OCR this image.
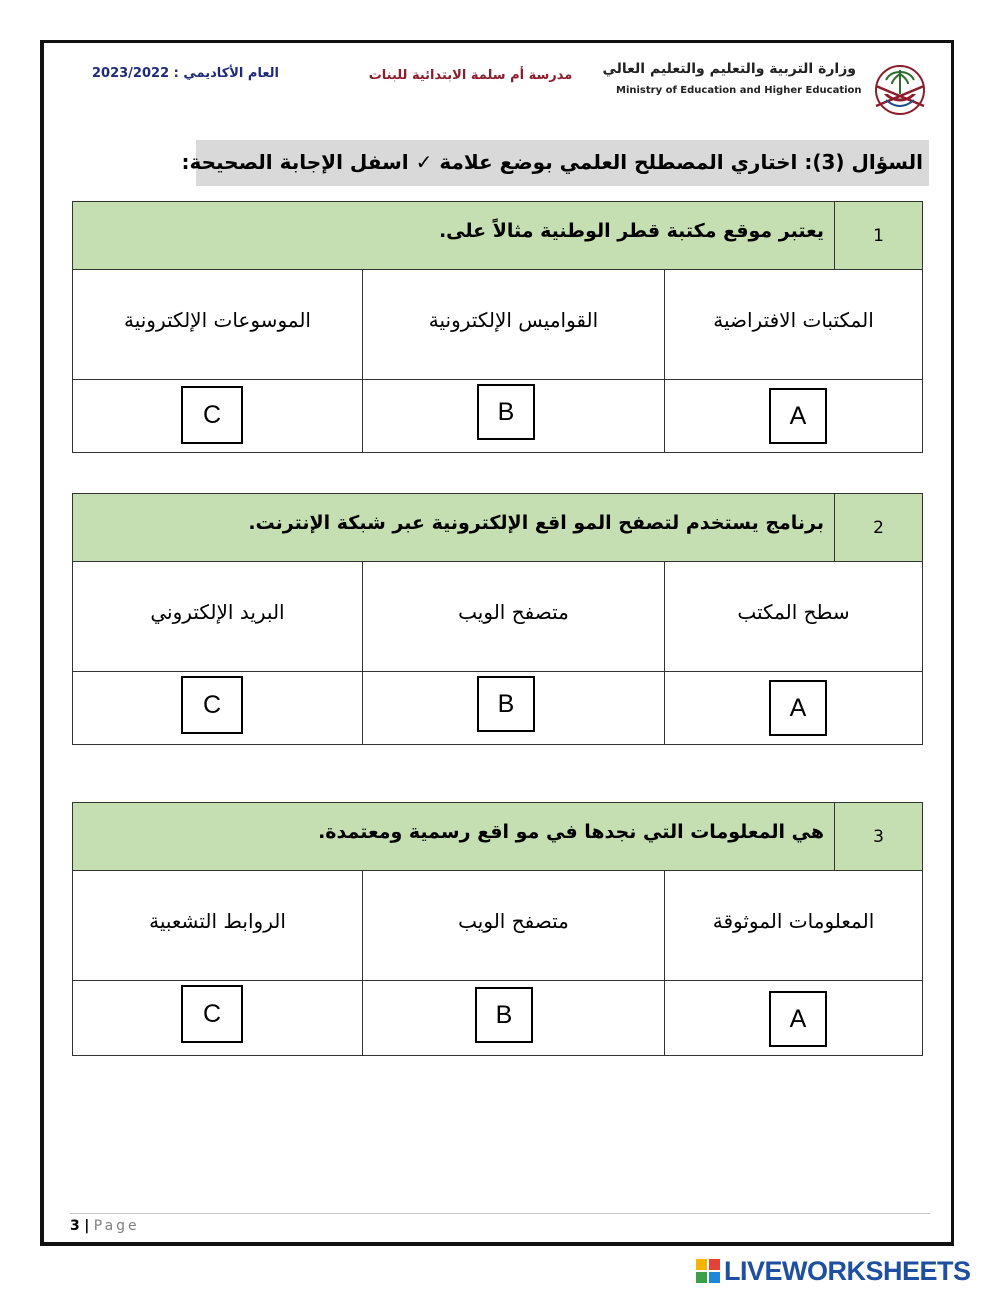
2023/2022 : العام الأكاديمي	مدرسة أم سلمة الابتدائية للبنات وزارة التربية والتعليم والتعليم العالي
Ministry of Education and Higher Education
السؤال (3): اختاري المصطلح العلمي بوضع علامة ✓ اسفل الإجابة الصحيحة:
1
يعتبر موقع مكتبة قطر الوطنية مثالاً على.
المكتبات الافتراضية
القواميس الإلكترونية
الموسوعات الإلكترونية
A
B
C
2
برنامج يستخدم لتصفح المو اقع الإلكترونية عبر شبكة الإنترنت.
سطح المكتب
متصفح الويب
البريد الإلكتروني
A
B
C
3
هي المعلومات التي نجدها في مو اقع رسمية ومعتمدة.
المعلومات الموثوقة
متصفح الويب
الروابط التشعبية
A
B
C
3 | Page
LIVEWORKSHEETS
